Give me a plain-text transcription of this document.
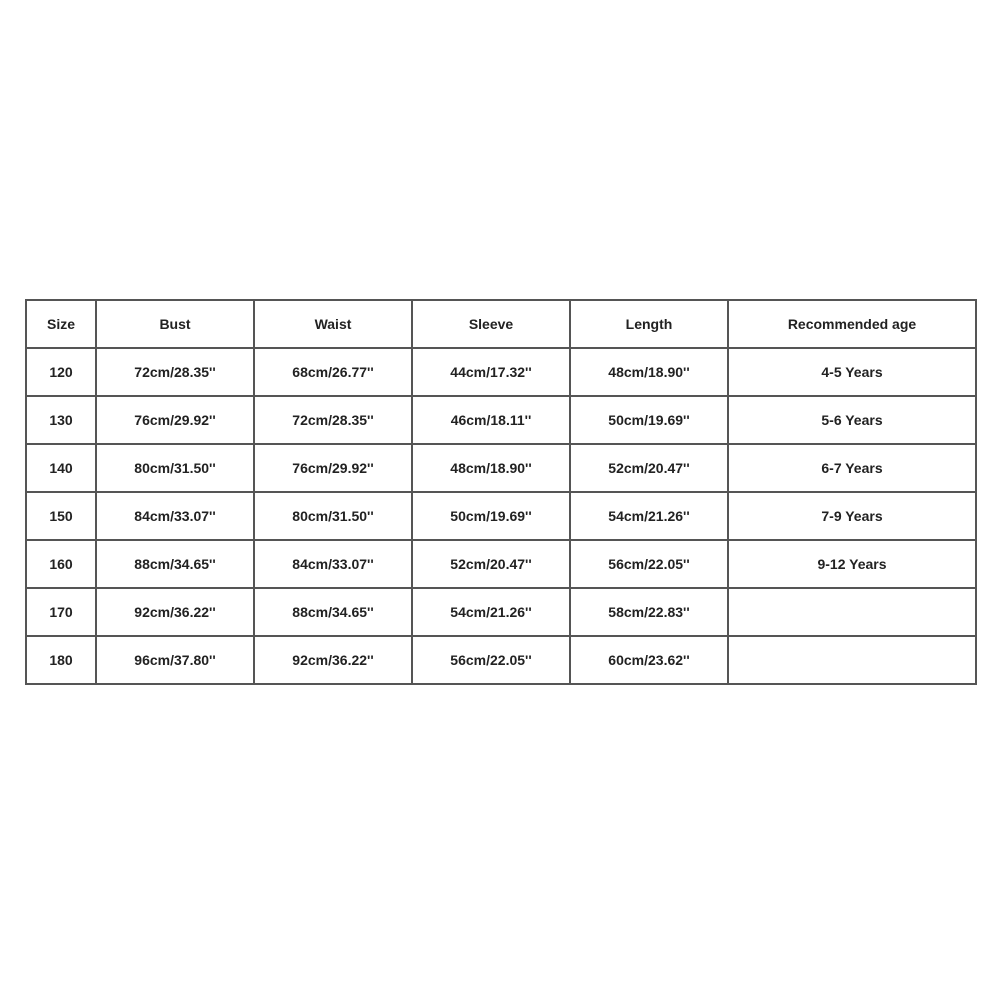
Size	Bust	Waist	Sleeve	Length	Recommended age
120	72cm/28.35''	68cm/26.77''	44cm/17.32''	48cm/18.90''	4-5 Years
130	76cm/29.92''	72cm/28.35''	46cm/18.11''	50cm/19.69''	5-6 Years
140	80cm/31.50''	76cm/29.92''	48cm/18.90''	52cm/20.47''	6-7 Years
150	84cm/33.07''	80cm/31.50''	50cm/19.69''	54cm/21.26''	7-9 Years
160	88cm/34.65''	84cm/33.07''	52cm/20.47''	56cm/22.05''	9-12 Years
170	92cm/36.22''	88cm/34.65''	54cm/21.26''	58cm/22.83''	
180	96cm/37.80''	92cm/36.22''	56cm/22.05''	60cm/23.62''	
